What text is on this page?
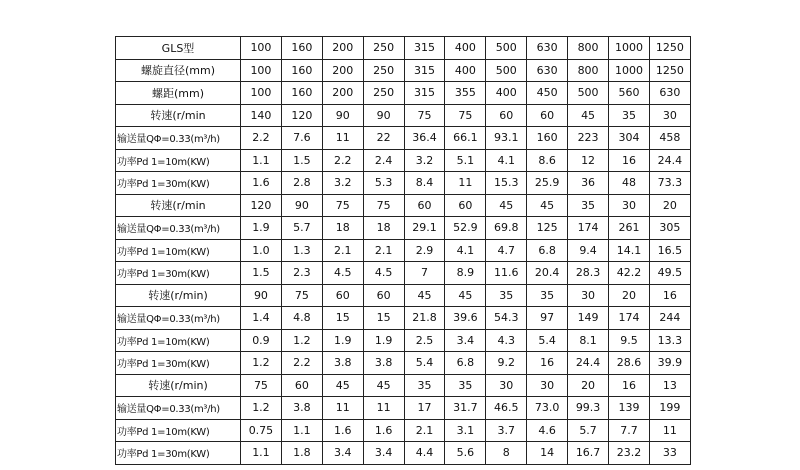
GLS型	100	160	200	250	315	400	500	630	800	1000	1250
螺旋直径(mm)	100	160	200	250	315	400	500	630	800	1000	1250
螺距(mm)	100	160	200	250	315	355	400	450	500	560	630
转速(r/min	140	120	90	90	75	75	60	60	45	35	30
输送量QΦ=0.33(m³/h)	2.2	7.6	11	22	36.4	66.1	93.1	160	223	304	458
功率Pd 1=10m(KW)	1.1	1.5	2.2	2.4	3.2	5.1	4.1	8.6	12	16	24.4
功率Pd 1=30m(KW)	1.6	2.8	3.2	5.3	8.4	11	15.3	25.9	36	48	73.3
转速(r/min	120	90	75	75	60	60	45	45	35	30	20
输送量QΦ=0.33(m³/h)	1.9	5.7	18	18	29.1	52.9	69.8	125	174	261	305
功率Pd 1=10m(KW)	1.0	1.3	2.1	2.1	2.9	4.1	4.7	6.8	9.4	14.1	16.5
功率Pd 1=30m(KW)	1.5	2.3	4.5	4.5	7	8.9	11.6	20.4	28.3	42.2	49.5
转速(r/min)	90	75	60	60	45	45	35	35	30	20	16
输送量QΦ=0.33(m³/h)	1.4	4.8	15	15	21.8	39.6	54.3	97	149	174	244
功率Pd 1=10m(KW)	0.9	1.2	1.9	1.9	2.5	3.4	4.3	5.4	8.1	9.5	13.3
功率Pd 1=30m(KW)	1.2	2.2	3.8	3.8	5.4	6.8	9.2	16	24.4	28.6	39.9
转速(r/min)	75	60	45	45	35	35	30	30	20	16	13
输送量QΦ=0.33(m³/h)	1.2	3.8	11	11	17	31.7	46.5	73.0	99.3	139	199
功率Pd 1=10m(KW)	0.75	1.1	1.6	1.6	2.1	3.1	3.7	4.6	5.7	7.7	11
功率Pd 1=30m(KW)	1.1	1.8	3.4	3.4	4.4	5.6	8	14	16.7	23.2	33
